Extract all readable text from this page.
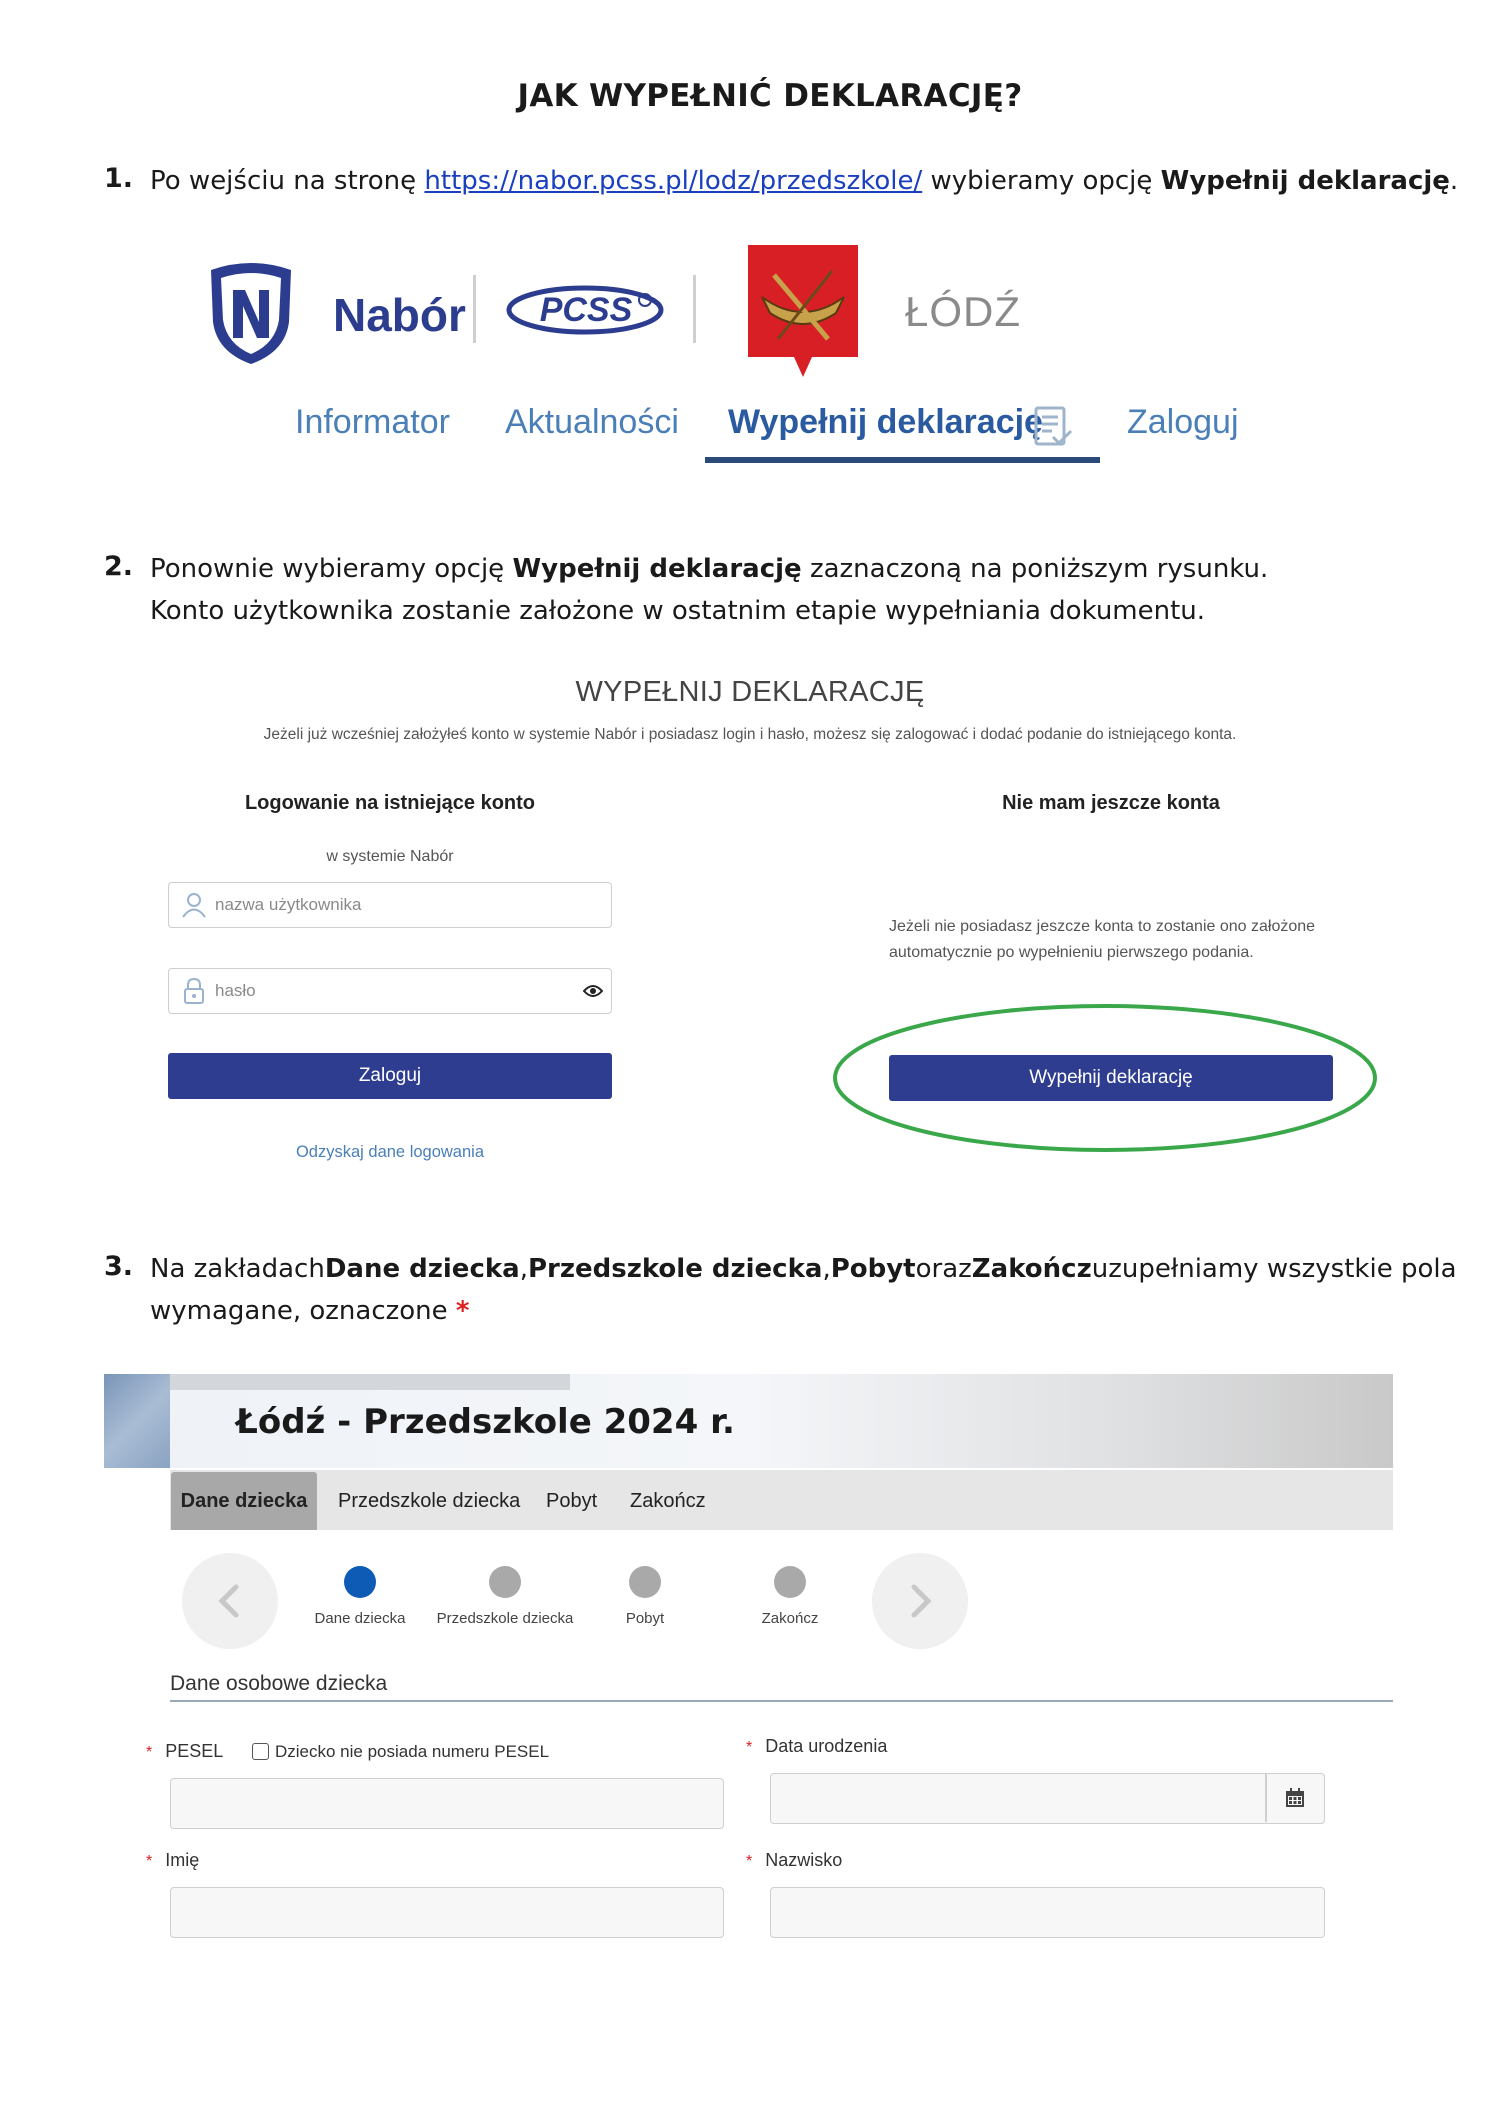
JAK WYPEŁNIĆ DEKLARACJĘ?
1. Po wejściu na stronę https://nabor.pcss.pl/lodz/przedszkole/ wybieramy opcję Wypełnij deklarację.
Nabór	PCSS	ŁÓDŹ
Informator Aktualności Wypełnij deklarację Zaloguj
2. Ponownie wybieramy opcję Wypełnij deklarację zaznaczoną na poniższym rysunku.
Konto użytkownika zostanie założone w ostatnim etapie wypełniania dokumentu.
WYPEŁNIJ DEKLARACJĘ
Jeżeli już wcześniej założyłeś konto w systemie Nabór i posiadasz login i hasło, możesz się zalogować i dodać podanie do istniejącego konta.
Logowanie na istniejące konto
w systemie Nabór
nazwa użytkownika
hasło
Zaloguj
Odzyskaj dane logowania
Nie mam jeszcze konta
Jeżeli nie posiadasz jeszcze konta to zostanie ono założone
automatycznie po wypełnieniu pierwszego podania.
Wypełnij deklarację
3. Na zakładach Dane dziecka, Przedszkole dziecka, Pobyt oraz Zakończ uzupełniamy wszystkie pola
wymagane, oznaczone *
Łódź - Przedszkole 2024 r.
Dane dziecka	Przedszkole dziecka Pobyt Zakończ
Dane dziecka	Przedszkole dziecka	Pobyt	Zakończ
Dane osobowe dziecka
* PESEL	Dziecko nie posiada numeru PESEL	* Data urodzenia
* Imię	* Nazwisko
